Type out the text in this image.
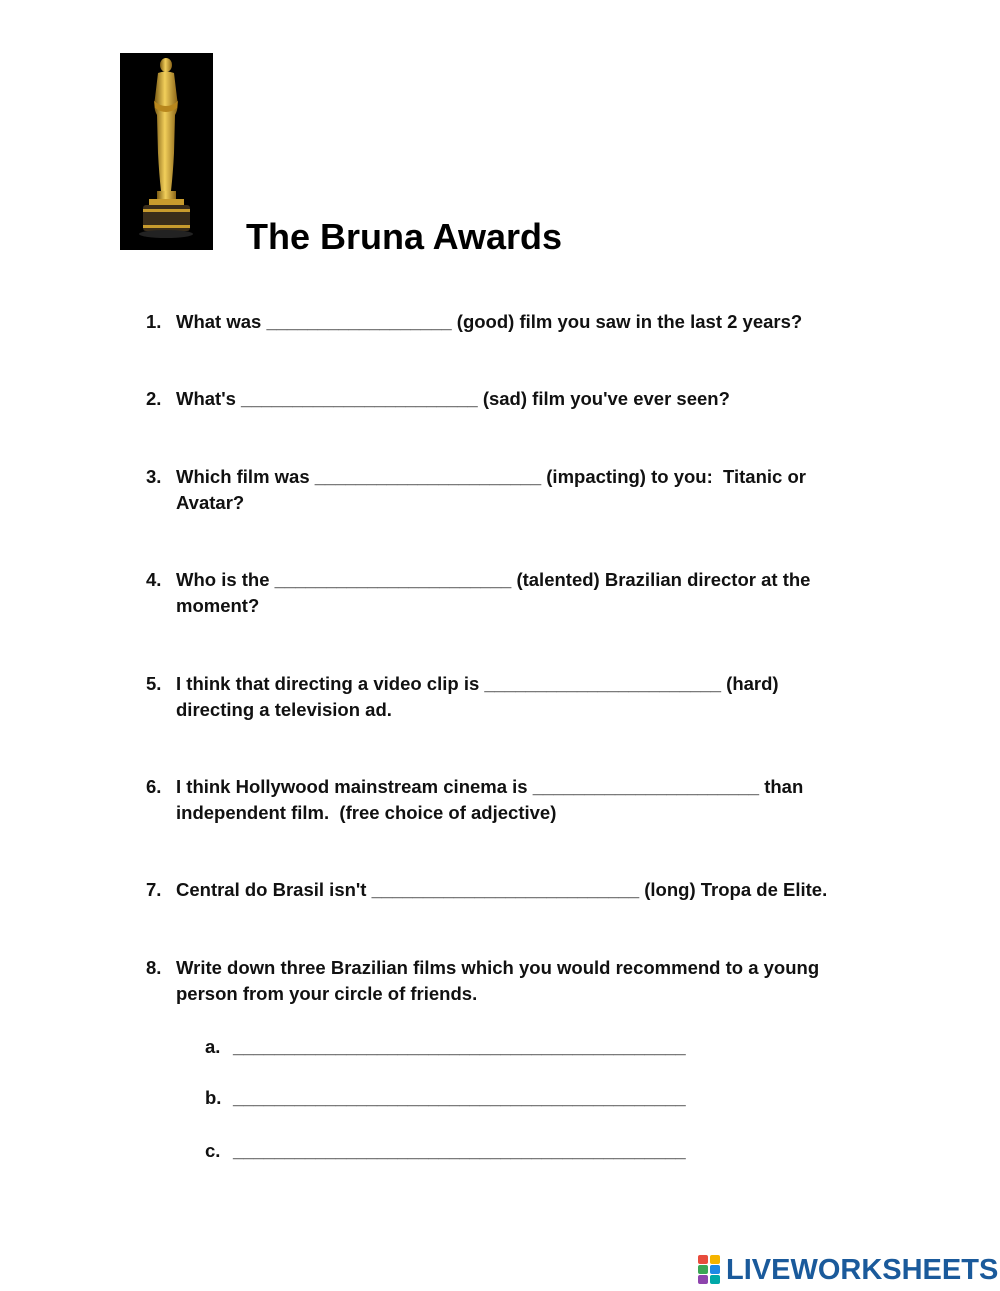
The Bruna Awards
1. What was __________________ (good) film you saw in the last 2 years?
2. What's _______________________ (sad) film you've ever seen?
3. Which film was ______________________ (impacting) to you:  Titanic or
Avatar?
4. Who is the _______________________ (talented) Brazilian director at the
moment?
5. I think that directing a video clip is _______________________ (hard)
directing a television ad.
6. I think Hollywood mainstream cinema is ______________________ than
independent film.  (free choice of adjective)
7. Central do Brasil isn't __________________________ (long) Tropa de Elite.
8. Write down three Brazilian films which you would recommend to a young
person from your circle of friends.
a. ____________________________________________
b. ____________________________________________
c. ____________________________________________
LIVEWORKSHEETS
